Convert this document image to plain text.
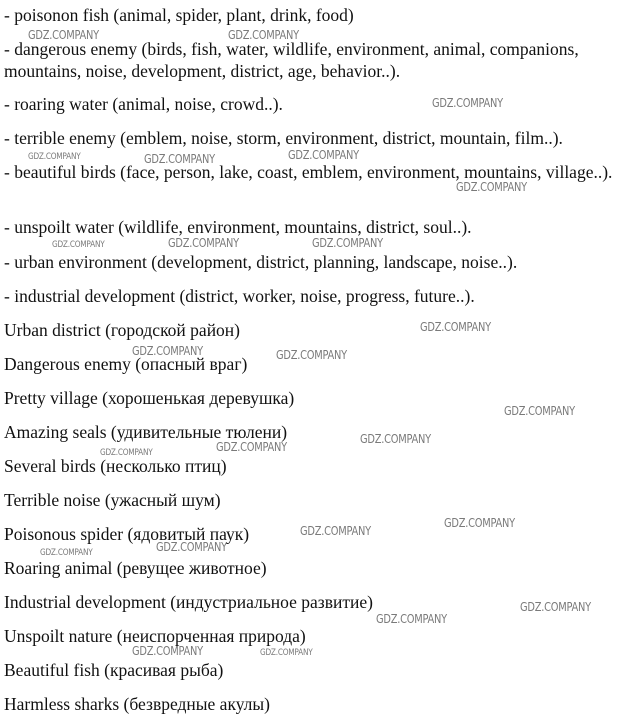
- poisonon fish (animal, spider, plant, drink, food)
- dangerous enemy (birds, fish, water, wildlife, environment, animal, companions, mountains, noise, development, district, age, behavior..).
- roaring water (animal, noise, crowd..).
- terrible enemy (emblem, noise, storm, environment, district, mountain, film..).
- beautiful birds (face, person, lake, coast, emblem, environment, mountains, village..).
- unspoilt water (wildlife, environment, mountains, district, soul..).
- urban environment (development, district, planning, landscape, noise..).
- industrial development (district, worker, noise, progress, future..).
Urban district (городской район)
Dangerous enemy (опасный враг)
Pretty village (хорошенькая деревушка)
Amazing seals (удивительные тюлени)
Several birds (несколько птиц)
Terrible noise (ужасный шум)
Poisonous spider (ядовитый паук)
Roaring animal (ревущее животное)
Industrial development (индустриальное развитие)
Unspoilt nature (неиспорченная природа)
Beautiful fish (красивая рыба)
Harmless sharks (безвредные акулы)
GDZ.COMPANY	GDZ.COMPANY
GDZ.COMPANY
GDZ.COMPANY	GDZ.COMPANY	GDZ.COMPANY
GDZ.COMPANY
GDZ.COMPANY	GDZ.COMPANY	GDZ.COMPANY
GDZ.COMPANY
GDZ.COMPANY	GDZ.COMPANY
GDZ.COMPANY
GDZ.COMPANY
GDZ.COMPANY
GDZ.COMPANY
GDZ.COMPANY
GDZ.COMPANY
GDZ.COMPANY
GDZ.COMPANY
GDZ.COMPANY
GDZ.COMPANY
GDZ.COMPANY	GDZ.COMPANY
